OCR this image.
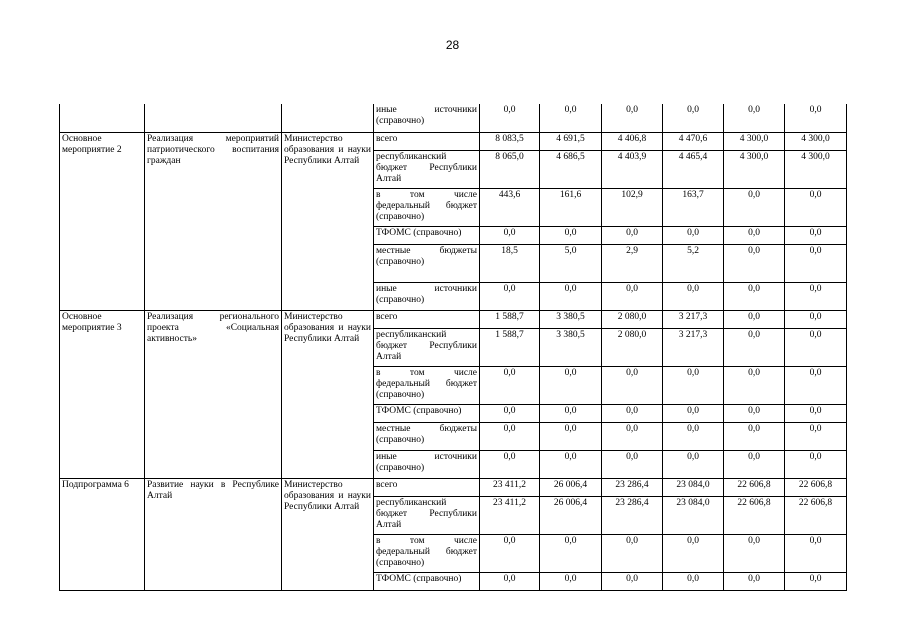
28
			иные источники (справочно)	0,0	0,0	0,0	0,0	0,0	0,0
Основное мероприятие 2	Реализация мероприятий патриотического воспитания граждан	Министерство образования и науки Республики Алтай	всего	8 083,5	4 691,5	4 406,8	4 470,6	4 300,0	4 300,0
			республиканский бюджет Республики Алтай	8 065,0	4 686,5	4 403,9	4 465,4	4 300,0	4 300,0
			в том числе федеральный бюджет (справочно)	443,6	161,6	102,9	163,7	0,0	0,0
			ТФОМС (справочно)	0,0	0,0	0,0	0,0	0,0	0,0
			местные бюджеты (справочно)	18,5	5,0	2,9	5,2	0,0	0,0
			иные источники (справочно)	0,0	0,0	0,0	0,0	0,0	0,0
Основное мероприятие 3	Реализация регионального проекта «Социальная активность»	Министерство образования и науки Республики Алтай	всего	1 588,7	3 380,5	2 080,0	3 217,3	0,0	0,0
			республиканский бюджет Республики Алтай	1 588,7	3 380,5	2 080,0	3 217,3	0,0	0,0
			в том числе федеральный бюджет (справочно)	0,0	0,0	0,0	0,0	0,0	0,0
			ТФОМС (справочно)	0,0	0,0	0,0	0,0	0,0	0,0
			местные бюджеты (справочно)	0,0	0,0	0,0	0,0	0,0	0,0
			иные источники (справочно)	0,0	0,0	0,0	0,0	0,0	0,0
Подпрограмма 6	Развитие науки в Республике Алтай	Министерство образования и науки Республики Алтай	всего	23 411,2	26 006,4	23 286,4	23 084,0	22 606,8	22 606,8
			республиканский бюджет Республики Алтай	23 411,2	26 006,4	23 286,4	23 084,0	22 606,8	22 606,8
			в том числе федеральный бюджет (справочно)	0,0	0,0	0,0	0,0	0,0	0,0
			ТФОМС (справочно)	0,0	0,0	0,0	0,0	0,0	0,0
